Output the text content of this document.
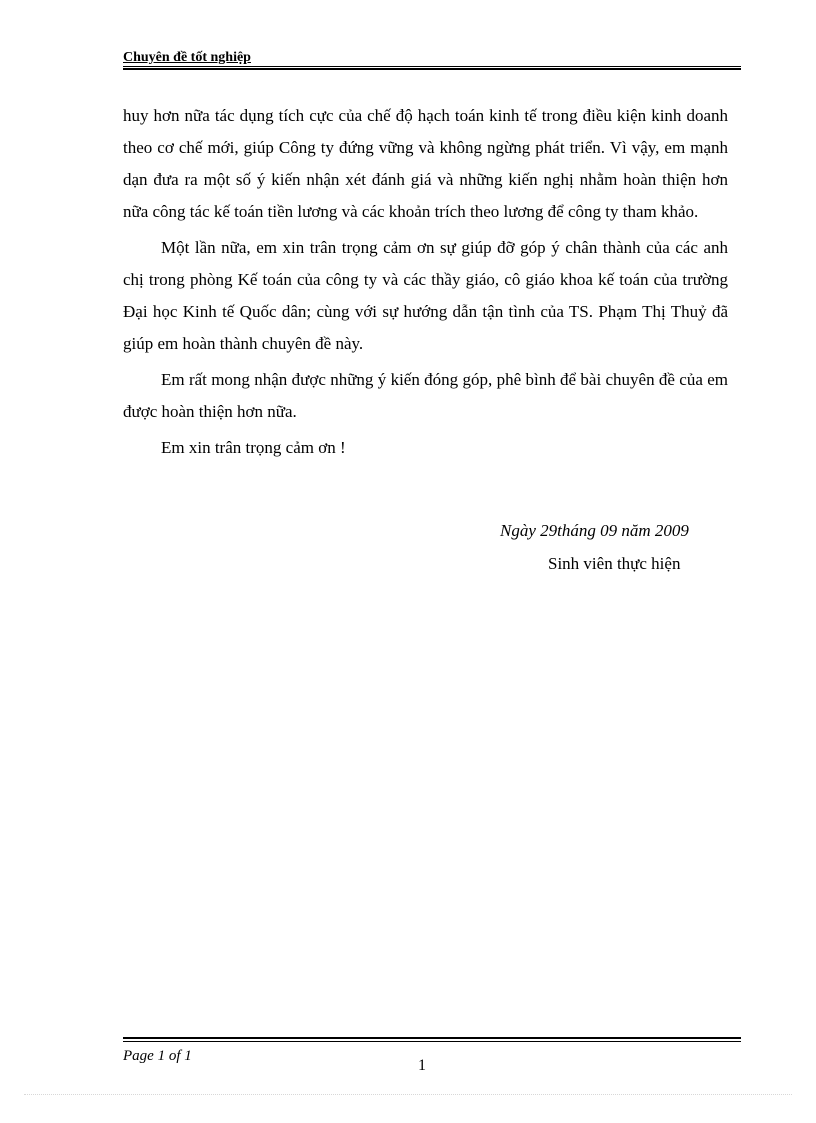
Chuyên đề tốt nghiệp

huy hơn nữa tác dụng tích cực của chế độ hạch toán kinh tế trong điều kiện kinh doanh theo cơ chế mới, giúp Công ty đứng vững và không ngừng phát triển. Vì vậy, em mạnh dạn đưa ra một số ý kiến nhận xét đánh giá và những kiến nghị nhằm hoàn thiện hơn nữa công tác kế toán tiền lương và các khoản trích theo lương để công ty tham khảo.

Một lần nữa, em xin trân trọng cảm ơn sự giúp đỡ góp ý chân thành của các anh chị trong phòng Kế toán của công ty và các thầy giáo, cô giáo khoa kế toán của trường Đại học Kinh tế Quốc dân; cùng với sự hướng dẫn tận tình của TS. Phạm Thị Thuỷ đã giúp em hoàn thành chuyên đề này.

Em rất mong nhận được những ý kiến đóng góp, phê bình để bài chuyên đề của em được hoàn thiện hơn nữa.

Em xin trân trọng cảm ơn !

Ngày 29tháng 09 năm 2009
Sinh viên thực hiện
Page 1 of 1
1
